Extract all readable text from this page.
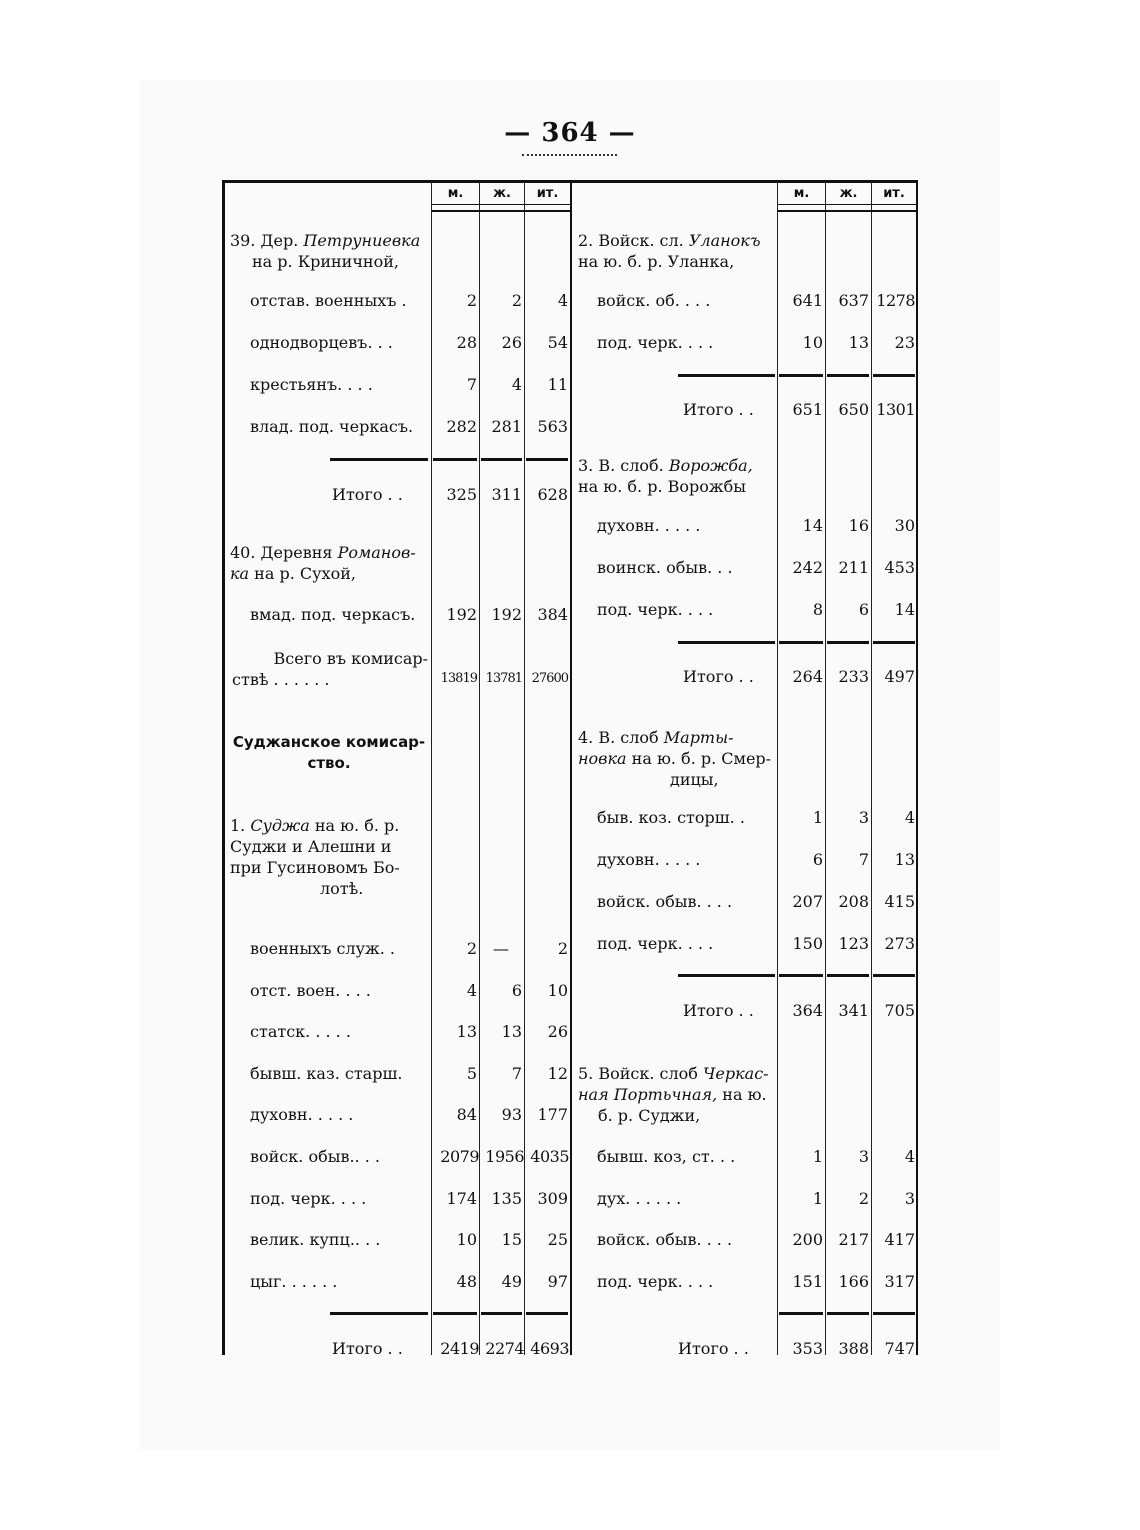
— 364 —
м.	ж.	ит.	м.	ж.	ит.
39. Дер. Петруниевка
на р. Криничной,
отстав. военныхъ .	2	2	4
однодворцевъ. . .	28	26	54
крестьянъ. . . .	7	4	11
влад. под. черкасъ.	282 281 563
Итого . .	325 311 628
40. Деревня Романов-
ка на р. Сухой,
вмад. под. черкасъ.	192 192 384
Всего въ комисар-
ствѣ . . . . . .	13819 13781 27600
Суджанское комисар-
ство.
1. Суджа на ю. б. р.
Суджи и Алешни и
при Гусиновомъ Бо-
лотѣ.
военныхъ служ. .	2	—	2
отст. воен. . . .	4	6	10
статск. . . . .	13	13	26
бывш. каз. старш.	5	7	12
духовн. . . . .	84	93 177
войск. обыв.. . .	2079 1956 4035
под. черк. . . .	174 135 309
велик. купц.. . .	10	15	25
цыг. . . . . .	48	49	97
Итого . .	2419 2274 4693
2. Войск. сл. Уланокъ
на ю. б. р. Уланка,
войск. об. . . .	641 637 1278
под. черк. . . .	10	13	23
Итого . .	651 650 1301
3. В. слоб. Ворожба,
на ю. б. р. Ворожбы
духовн. . . . .	14	16	30
воинск. обыв. . .	242 211 453
под. черк. . . .	8	6	14
Итого . .	264 233 497
4. В. слоб Марты-
новка на ю. б. р. Смер-
дицы,
быв. коз. сторш. .	1	3	4
духовн. . . . .	6	7	13
войск. обыв. . . .	207 208 415
под. черк. . . .	150 123 273
Итого . .	364 341 705
5. Войск. слоб Черкас-
ная Портьчная, на ю.
б. р. Суджи,
бывш. коз, ст. . .	1	3	4
дух. . . . . .	1	2	3
войск. обыв. . . .	200 217 417
под. черк. . . .	151 166 317
Итого . .	353 388 747
